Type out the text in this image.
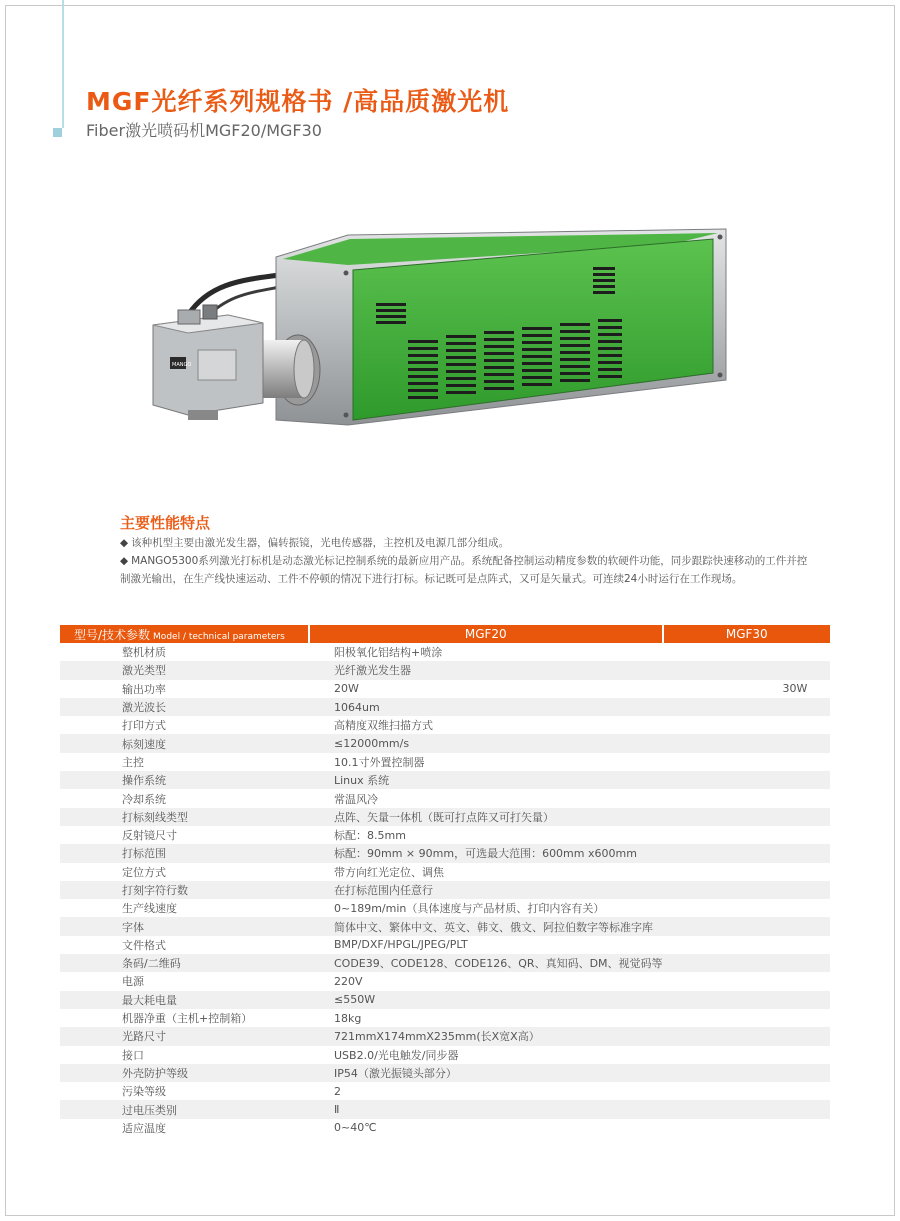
MGF光纤系列规格书 /高品质激光机
Fiber激光喷码机MGF20/MGF30
MANGO
主要性能特点

◆ 该种机型主要由激光发生器，偏转振镜，光电传感器，主控机及电源几部分组成。

◆ MANGO5300系列激光打标机是动态激光标记控制系统的最新应用产品。系统配备控制运动精度参数的软硬件功能，同步跟踪快速移动的工件并控制激光输出，在生产线快速运动、工件不停顿的情况下进行打标。标记既可是点阵式，又可是矢量式。可连续24小时运行在工作现场。

型号/技术参数 Model / technical parameters	MGF20	MGF30
整机材质	阳极氧化铝结构+喷涂	
激光类型	光纤激光发生器	
输出功率	20W	30W
激光波长	1064um	
打印方式	高精度双维扫描方式	
标刻速度	≤12000mm/s	
主控	10.1寸外置控制器	
操作系统	Linux 系统	
冷却系统	常温风冷	
打标刻线类型	点阵、矢量一体机（既可打点阵又可打矢量）	
反射镜尺寸	标配：8.5mm	
打标范围	标配：90mm × 90mm，可选最大范围：600mm x600mm	
定位方式	带方向红光定位、调焦	
打刻字符行数	在打标范围内任意行	
生产线速度	0~189m/min（具体速度与产品材质、打印内容有关）	
字体	简体中文、繁体中文、英文、韩文、俄文、阿拉伯数字等标准字库	
文件格式	BMP/DXF/HPGL/JPEG/PLT	
条码/二维码	CODE39、CODE128、CODE126、QR、真知码、DM、视觉码等	
电源	220V	
最大耗电量	≤550W	
机器净重（主机+控制箱）	18kg	
光路尺寸	721mmX174mmX235mm(长X宽X高）	
接口	USB2.0/光电触发/同步器	
外壳防护等级	IP54（激光振镜头部分）	
污染等级	2	
过电压类别	Ⅱ	
适应温度	0~40℃	
